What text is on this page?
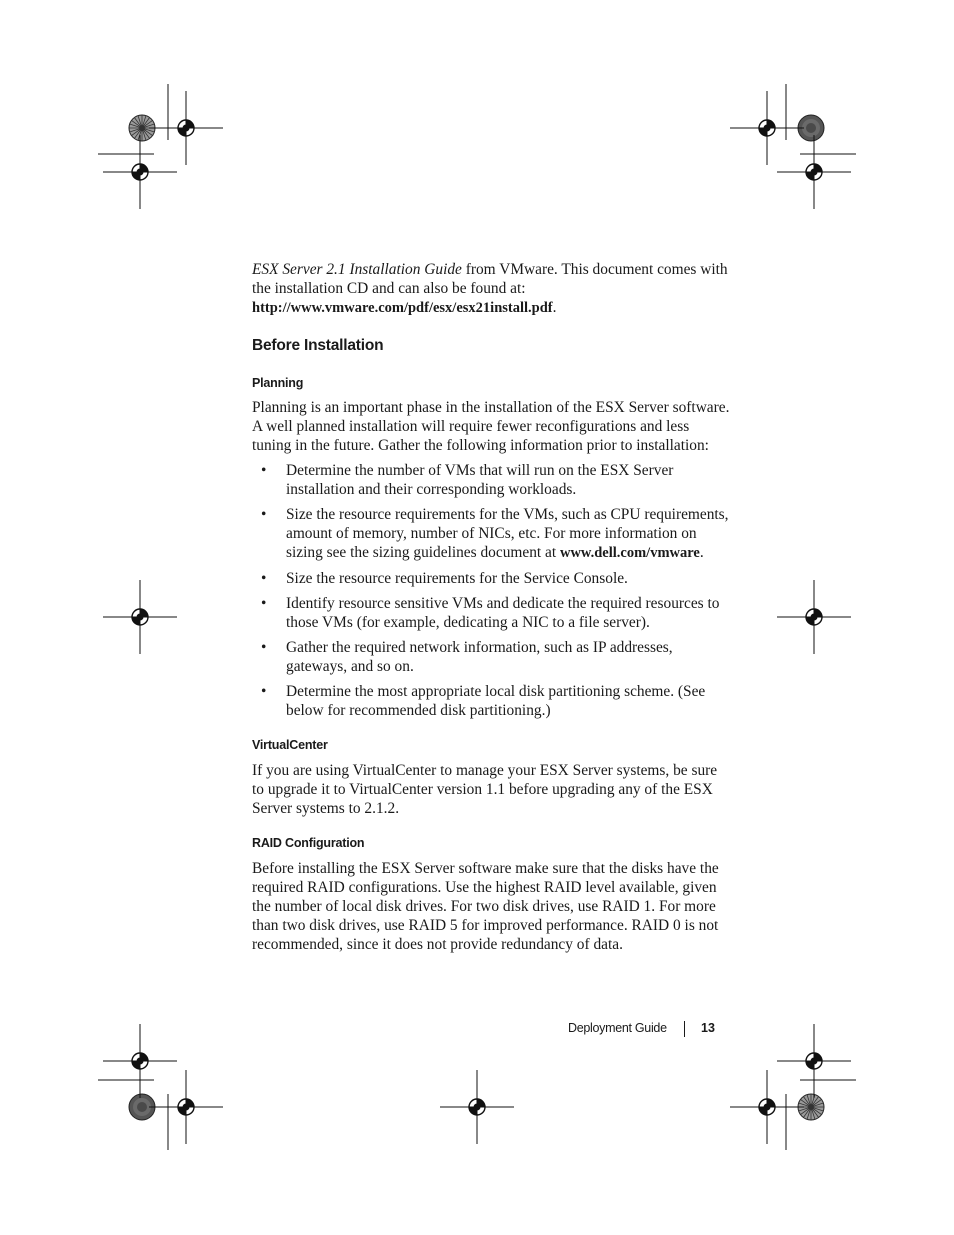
ESX Server 2.1 Installation Guide from VMware. This document comes with the installation CD and can also be found at:
http://www.vmware.com/pdf/esx/esx21install.pdf.

Before Installation
Planning

Planning is an important phase in the installation of the ESX Server software. A well planned installation will require fewer reconfigurations and less tuning in the future. Gather the following information prior to installation:

• Determine the number of VMs that will run on the ESX Server installation and their corresponding workloads.
• Size the resource requirements for the VMs, such as CPU requirements, amount of memory, number of NICs, etc. For more information on sizing see the sizing guidelines document at www.dell.com/vmware.
• Size the resource requirements for the Service Console.
• Identify resource sensitive VMs and dedicate the required resources to those VMs (for example, dedicating a NIC to a file server).
• Gather the required network information, such as IP addresses, gateways, and so on.
• Determine the most appropriate local disk partitioning scheme. (See below for recommended disk partitioning.)
VirtualCenter

If you are using VirtualCenter to manage your ESX Server systems, be sure to upgrade it to VirtualCenter version 1.1 before upgrading any of the ESX Server systems to 2.1.2.

RAID Configuration

Before installing the ESX Server software make sure that the disks have the required RAID configurations. Use the highest RAID level available, given the number of local disk drives. For two disk drives, use RAID 1. For more than two disk drives, use RAID 5 for improved performance. RAID 0 is not recommended, since it does not provide redundancy of data.

Deployment Guide	13
